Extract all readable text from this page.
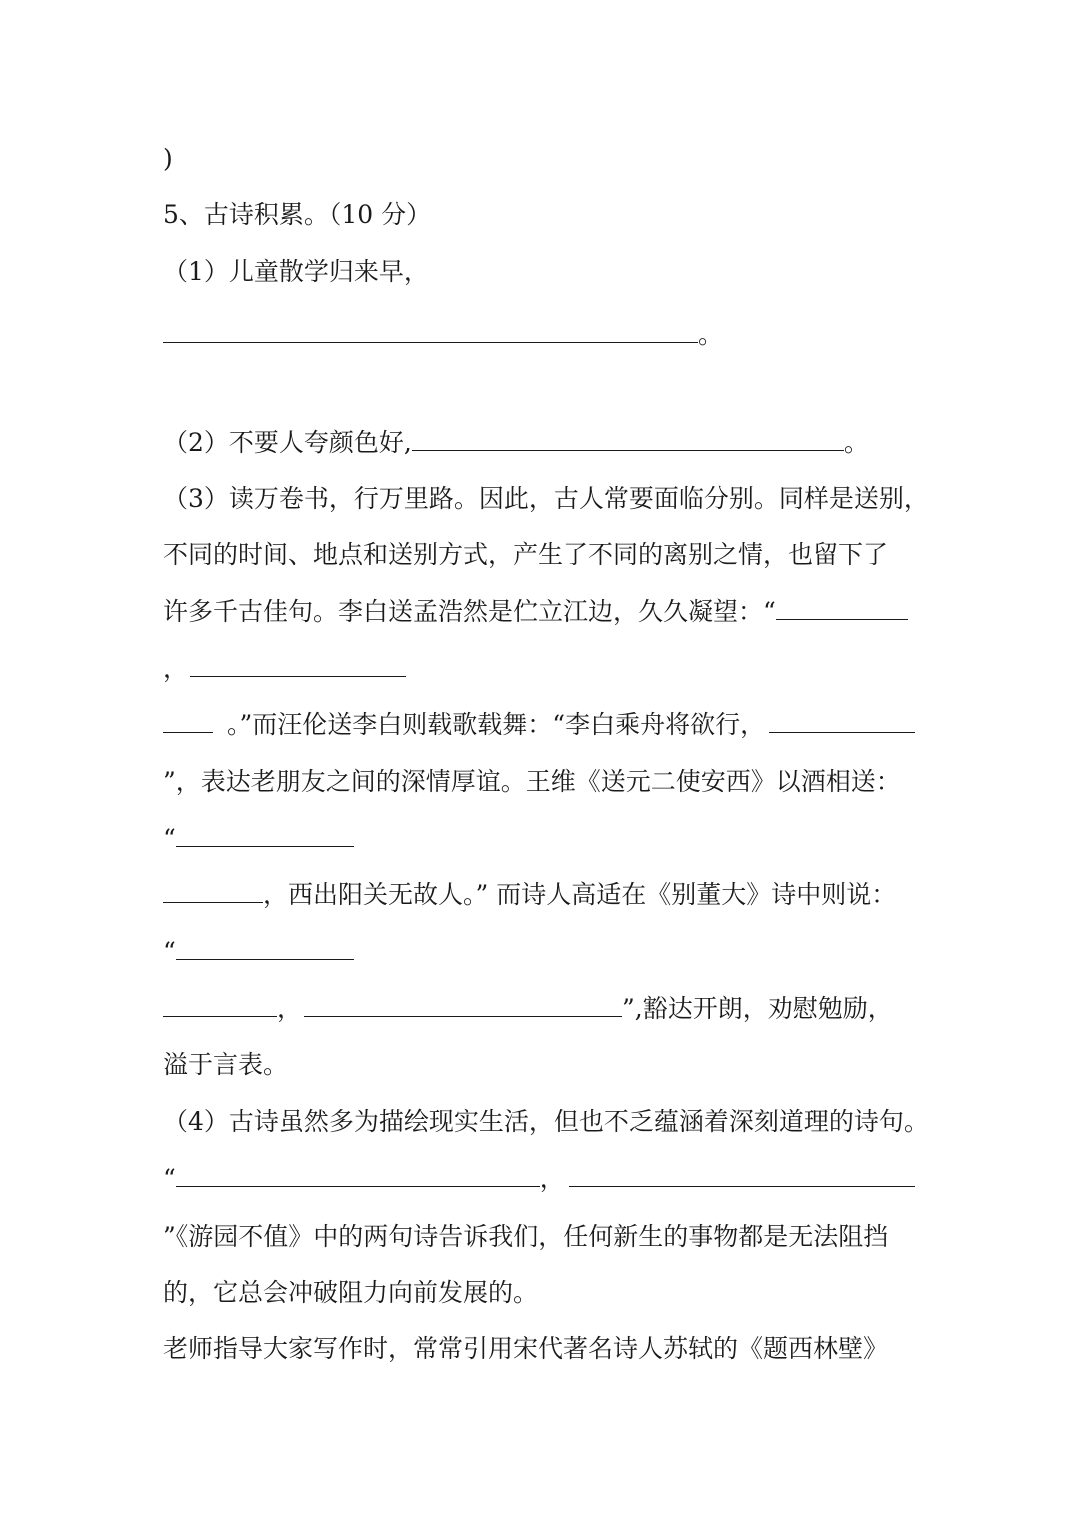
)
5、古诗积累。（10 分）
（1）儿童散学归来早，
。
（2）不要人夸颜色好,	。
（3）读万卷书，行万里路。因此，古人常要面临分别。同样是送别，
不同的时间、地点和送别方式，产生了不同的离别之情，也留下了
许多千古佳句。李白送孟浩然是伫立江边，久久凝望：“
，
。”而汪伦送李白则载歌载舞：“李白乘舟将欲行，
”，表达老朋友之间的深情厚谊。王维《送元二使安西》以酒相送：
“
，西出阳关无故人。” 而诗人高适在《别董大》诗中则说：
“
，	”,豁达开朗，劝慰勉励，
溢于言表。
（4）古诗虽然多为描绘现实生活，但也不乏蕴涵着深刻道理的诗句。
“	，
”《游园不值》中的两句诗告诉我们，任何新生的事物都是无法阻挡
的，它总会冲破阻力向前发展的。
老师指导大家写作时，常常引用宋代著名诗人苏轼的《题西林壁》
